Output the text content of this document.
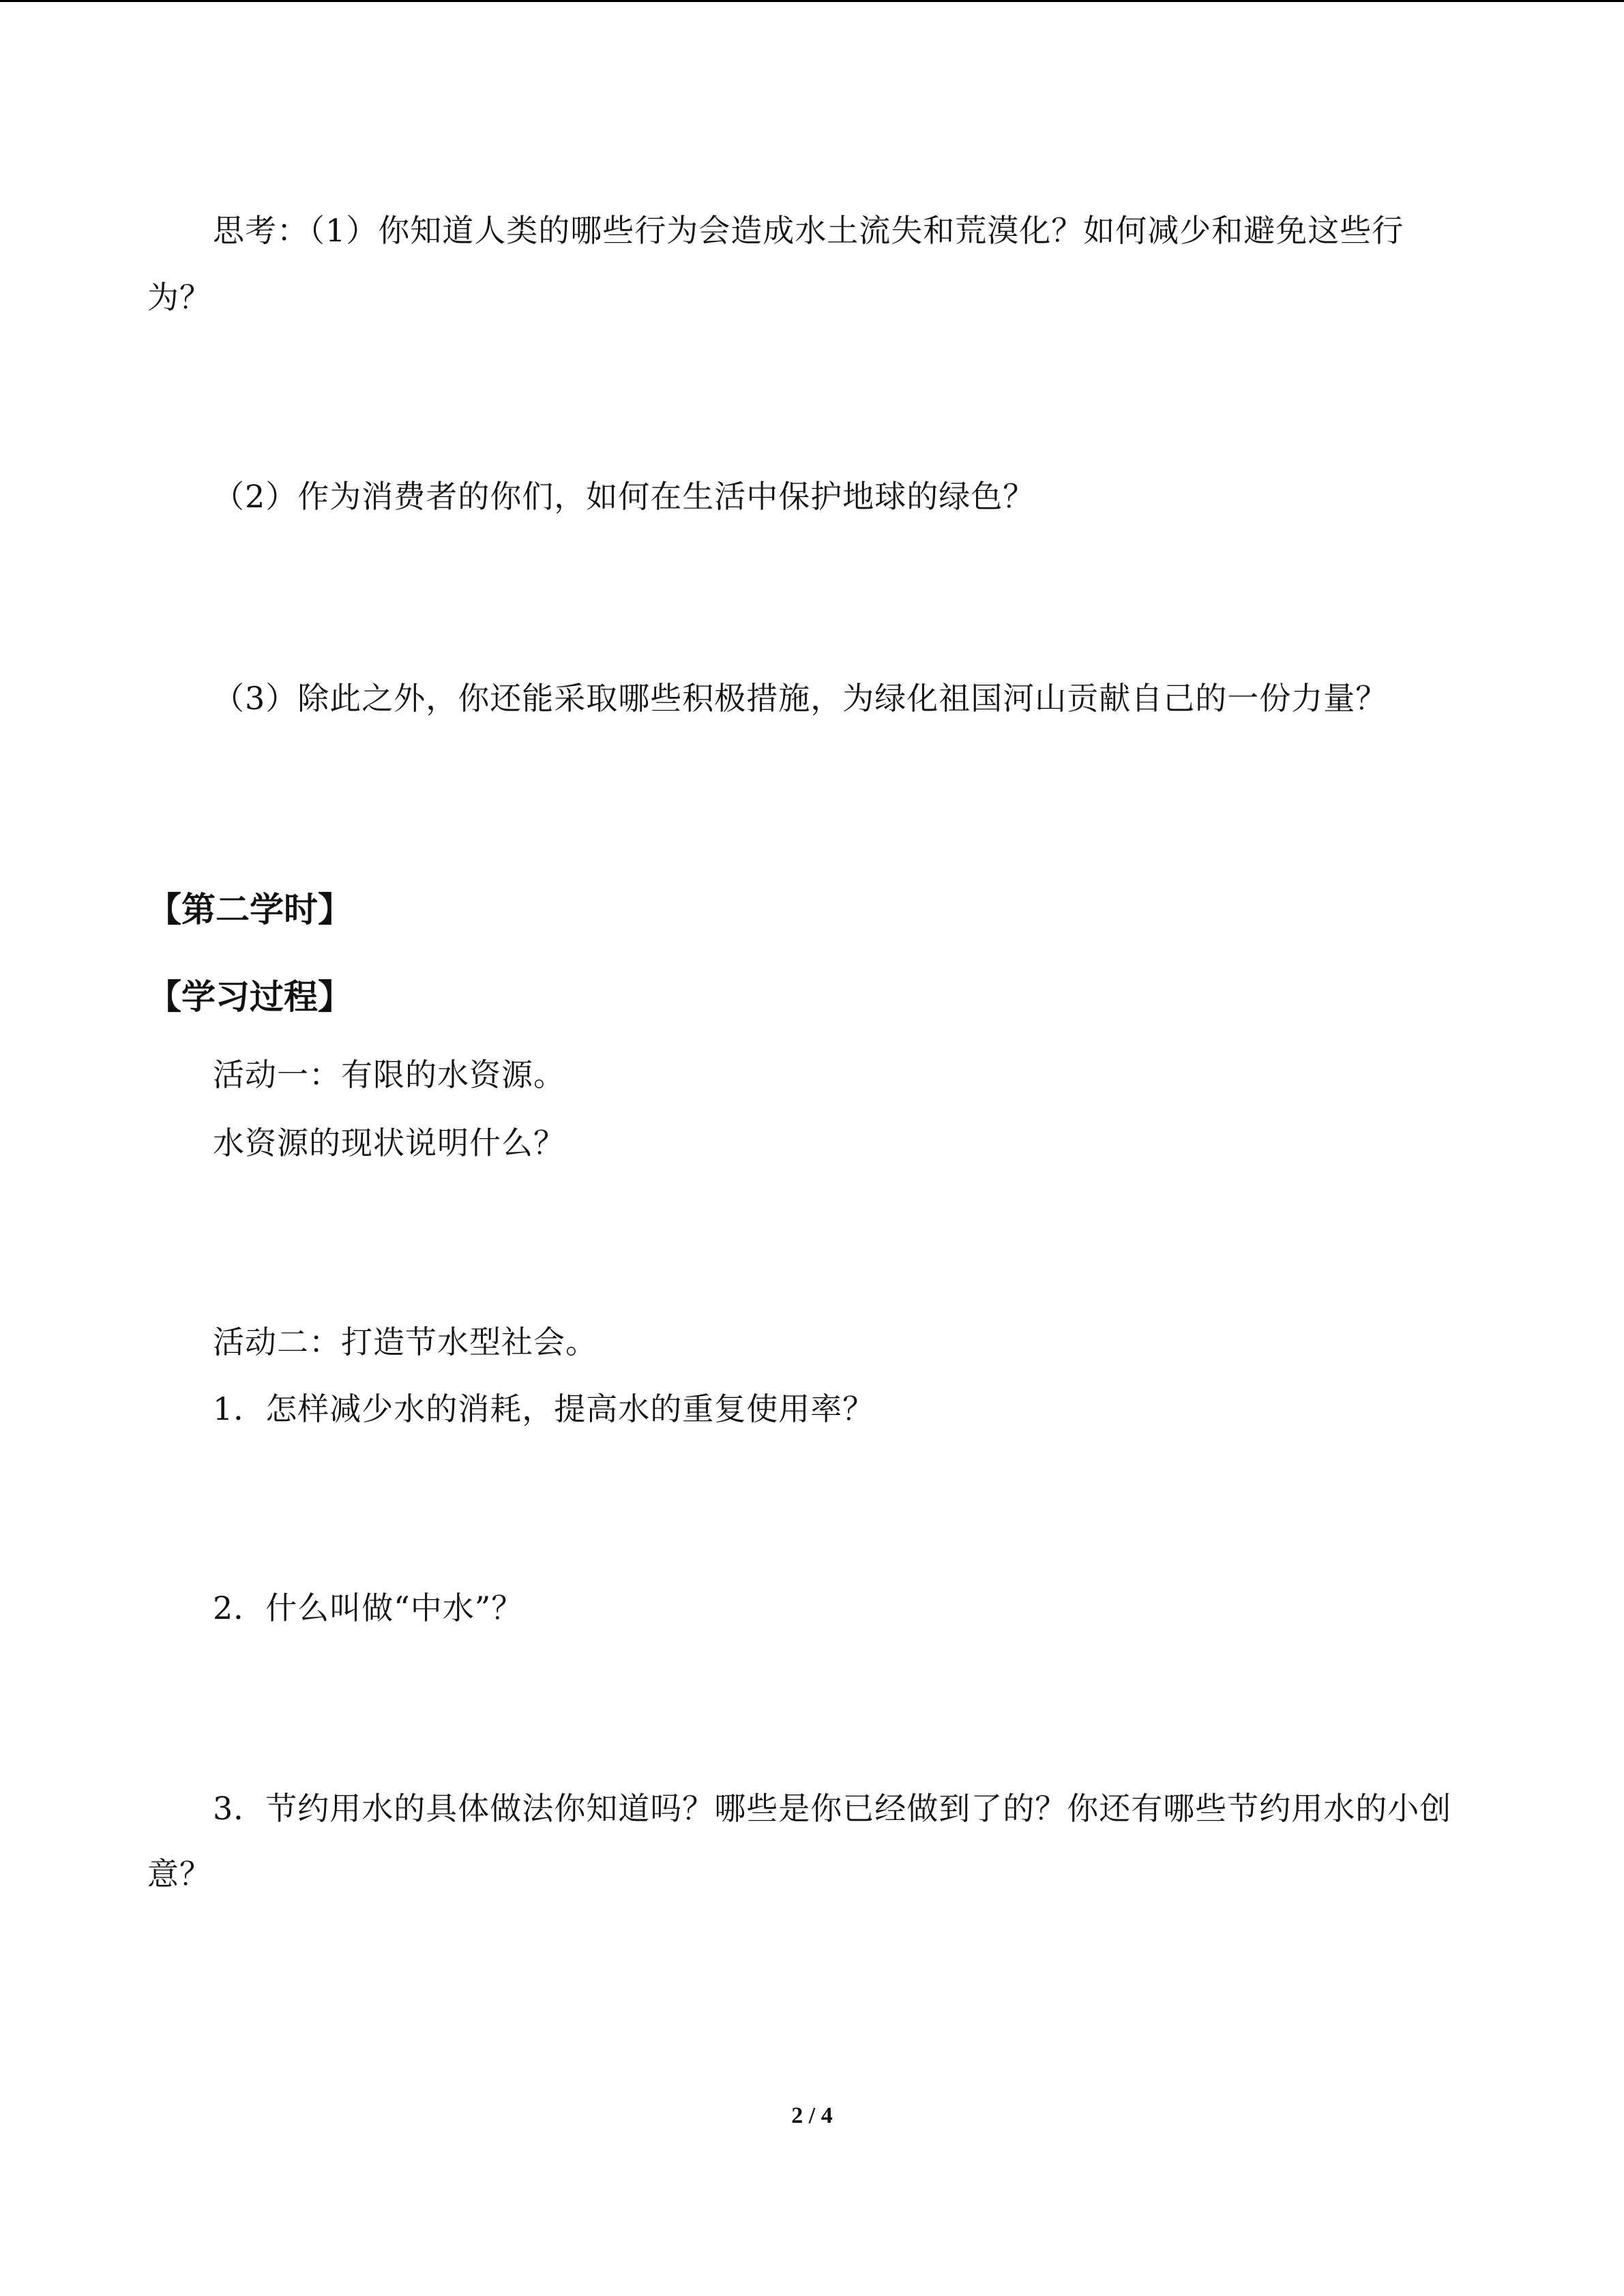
思考：（1）你知道人类的哪些行为会造成水土流失和荒漠化？如何减少和避免这些行
为？
（2）作为消费者的你们，如何在生活中保护地球的绿色？
（3）除此之外，你还能采取哪些积极措施，为绿化祖国河山贡献自己的一份力量？
【第二学时】
【学习过程】
活动一：有限的水资源。
水资源的现状说明什么？
活动二：打造节水型社会。
1．怎样减少水的消耗，提高水的重复使用率？
2．什么叫做“中水”？
3．节约用水的具体做法你知道吗？哪些是你已经做到了的？你还有哪些节约用水的小创
意？
2 / 4
